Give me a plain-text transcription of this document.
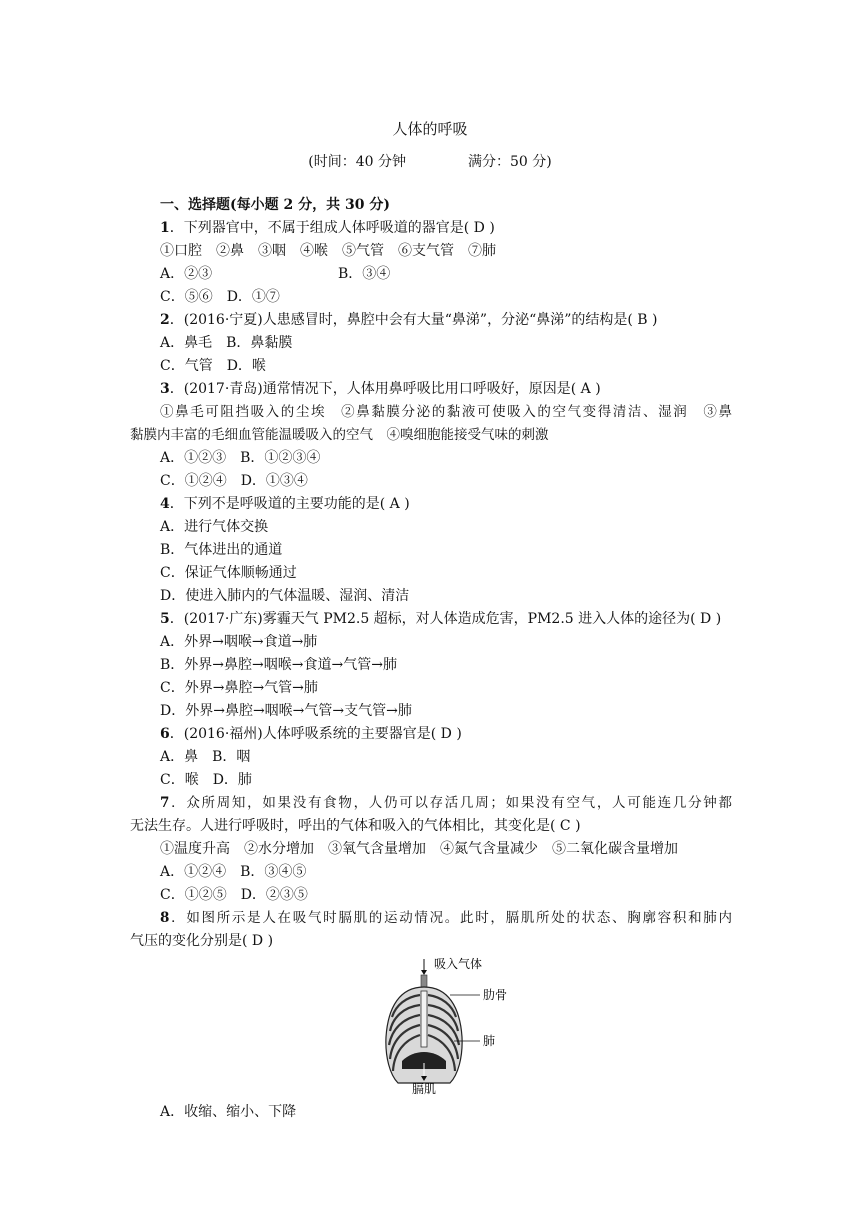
人体的呼吸
(时间：40 分钟	满分：50 分)
一、选择题(每小题 2 分，共 30 分)
1．下列器官中，不属于组成人体呼吸道的器官是( D )
①口腔　②鼻　③咽　④喉　⑤气管　⑥支气管　⑦肺
A．②③	B．③④
C．⑤⑥　D．①⑦
2．(2016·宁夏)人患感冒时，鼻腔中会有大量“鼻涕”，分泌“鼻涕”的结构是( B )
A．鼻毛　B．鼻黏膜
C．气管　D．喉
3．(2017·青岛)通常情况下，人体用鼻呼吸比用口呼吸好，原因是( A )
①鼻毛可阻挡吸入的尘埃　②鼻黏膜分泌的黏液可使吸入的空气变得清洁、湿润　③鼻
黏膜内丰富的毛细血管能温暖吸入的空气　④嗅细胞能接受气味的刺激
A．①②③　B．①②③④
C．①②④　D．①③④
4．下列不是呼吸道的主要功能的是( A )
A．进行气体交换
B．气体进出的通道
C．保证气体顺畅通过
D．使进入肺内的气体温暖、湿润、清洁
5．(2017·广东)雾霾天气 PM2.5 超标，对人体造成危害，PM2.5 进入人体的途径为( D )
A．外界→咽喉→食道→肺
B．外界→鼻腔→咽喉→食道→气管→肺
C．外界→鼻腔→气管→肺
D．外界→鼻腔→咽喉→气管→支气管→肺
6．(2016·福州)人体呼吸系统的主要器官是( D )
A．鼻　B．咽
C．喉　D．肺
7．众所周知，如果没有食物，人仍可以存活几周；如果没有空气，人可能连几分钟都
无法生存。人进行呼吸时，呼出的气体和吸入的气体相比，其变化是( C )
①温度升高　②水分增加　③氧气含量增加　④氮气含量减少　⑤二氧化碳含量增加
A．①②④　B．③④⑤
C．①②⑤　D．②③⑤
8．如图所示是人在吸气时膈肌的运动情况。此时，膈肌所处的状态、胸廓容积和肺内
气压的变化分别是( D )
吸入气体
肋骨
肺
膈肌
A．收缩、缩小、下降
